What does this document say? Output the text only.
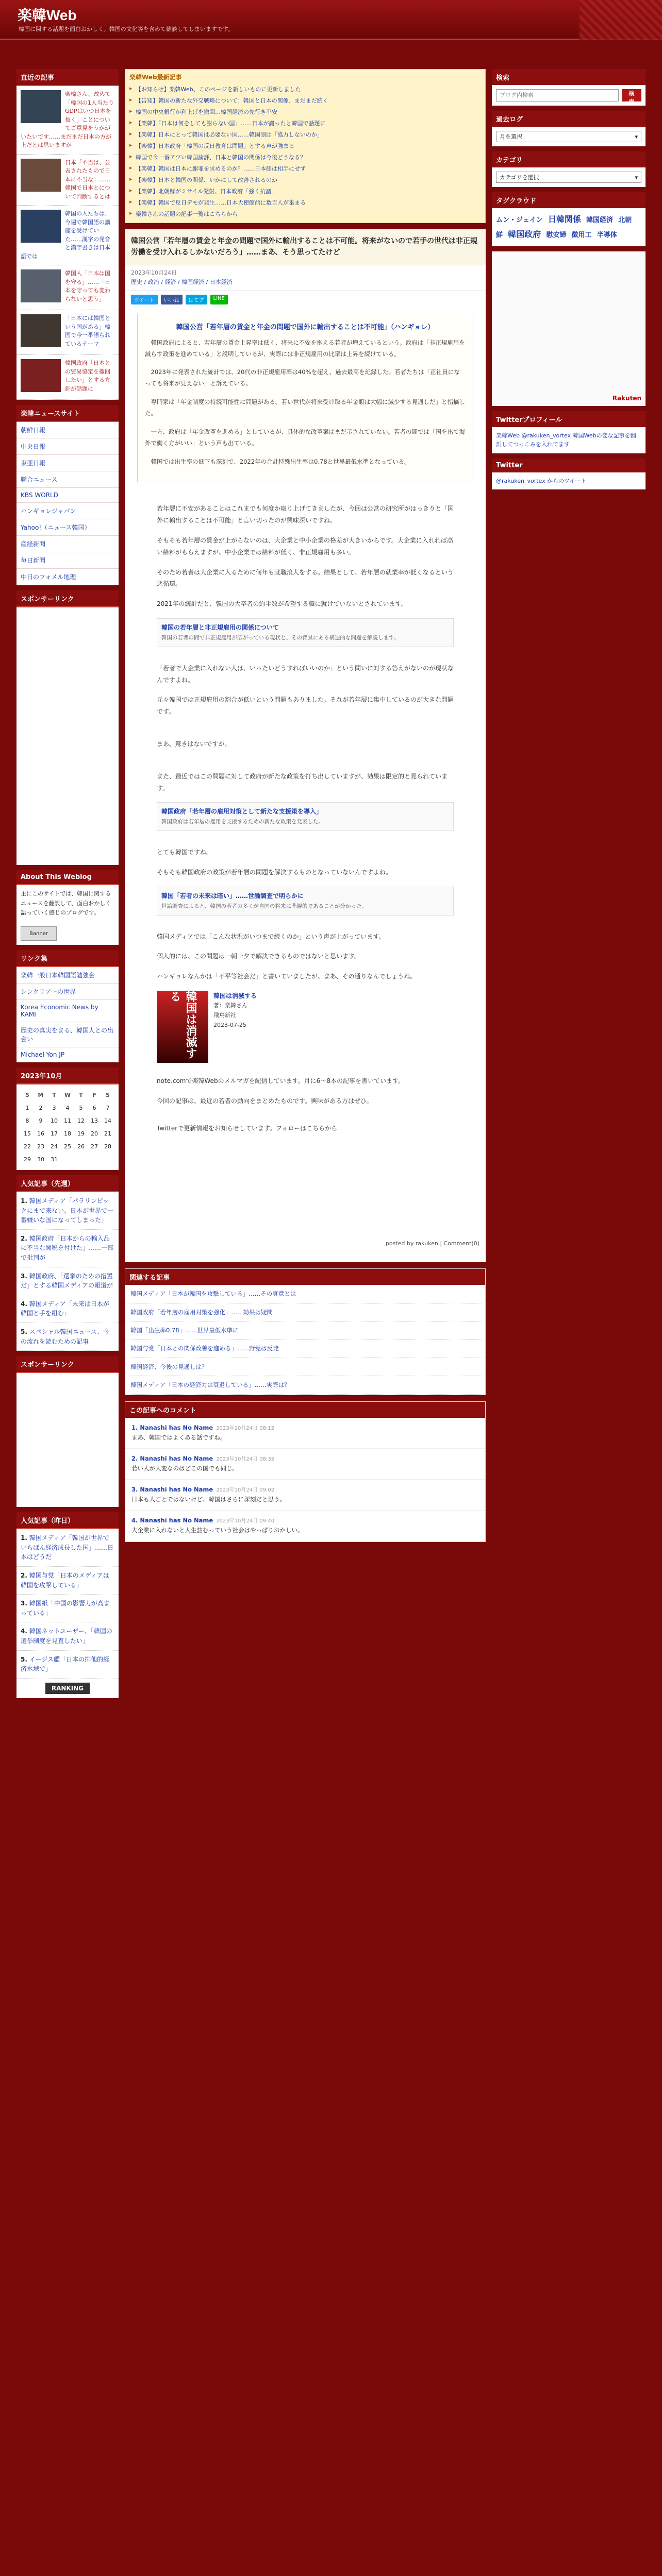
楽韓Web
韓国に関する話題を面白おかしく。韓国の文化等を含めて雑談してしまいますです。
直近の記事

楽韓さん、改めて「韓国の1人当たりGDPはいつ日本を抜く」ことについてご意見をうかがいたいです……まだまだ日本の方が上だとは思いますが

日本「不当は、公表されたもので日本に不当な」……韓国で日本とについて判断するとは

韓国の人たちは、今週で韓国語の講座を受けていた……漢字の発音と漢字書きは日本語では

韓国人「日本は国を守る」……「日本を守っても変わらないと思う」

「日本には韓国という国がある」韓国で今一番語られているテーマ

韓国政府「日本との貿易協定を撤回したい」とする方針が話題に

楽韓ニュースサイト
朝鮮日報
中央日報
東亜日報
聯合ニュース
KBS WORLD
ハンギョレジャパン
Yahoo!（ニュース韓国）
産経新聞
毎日新聞
中日のフォメル地理
スポンサーリンク
About This Weblog

主にこのサイトでは、韓国に関するニュースを翻訳して、面白おかしく語っていく感じのブログです。

Banner
リンク集
楽韓一般日本韓国語勉強会
シンクリアーの世界
Korea Economic News by KAMI
歴史の真実をまる、韓国人との出会い
Michael Yon JP
2023年10月
S	M	T	W	T	F	S
1	2	3	4	5	6	7
8	9	10	11	12	13	14
15	16	17	18	19	20	21
22	23	24	25	26	27	28
29	30	31				
人気記事（先週）
1. 韓国メディア「パラリンピックにまで来ない。日本が世界で一番嫌いな国になってしまった」
2. 韓国政府「日本からの輸入品に不当な関税を付けた」……一部で批判が
3. 韓国政府、「選挙のための措置だ」とする韓国メディアの報道が
4. 韓国メディア「未来は日本が韓国と手を組む」
5. スペシャル韓国ニュース、今の流れを読むための記事
スポンサーリンク
人気記事（昨日）
1. 韓国メディア「韓国が世界でいちばん経済成長した国」……日本はどうだ
2. 韓国与党「日本のメディアは韓国を攻撃している」
3. 韓国紙「中国の影響力が高まっている」
4. 韓国ネットユーザー、「韓国の選挙制度を見直したい」
5. イージス艦「日本の排他的経済水域で」
RANKING
楽韓Web最新記事
▸ 【お知らせ】楽韓Web、このページを新しいものに更新しました
▸ 【告知】韓国の新たな外交戦略について：韓国と日本の関係、まだまだ続く
▸ 韓国の中央銀行が利上げを撤回…韓国経済の先行き不安
▸ 【楽韓】「日本は何をしても謝らない国」……日本が謝ったと韓国で話題に
▸ 【楽韓】日本にとって韓国は必要ない国……韓国側は「協力しないのか」
▸ 【楽韓】日本政府「韓国の反日教育は問題」とする声が強まる
▸ 韓国で今一番アツい韓国論評、日本と韓国の関係は今後どうなる？
▸ 【楽韓】韓国は日本に謝罪を求めるのか？……日本側は相手にせず
▸ 【楽韓】日本と韓国の関係、いかにして改善されるのか
▸ 【楽韓】北朝鮮がミサイル発射、日本政府「強く抗議」
▸ 【楽韓】韓国で反日デモが発生……日本大使館前に数百人が集まる
▸ 楽韓さんの話題の記事一覧はこちらから
韓国公営「若年層の賃金と年金の問題で国外に輸出することは不可能。将来がないので若手の世代は非正規労働を受け入れるしかないだろう」……まあ、そう思ってたけど
2023年10月24日
歴史 / 政治 / 経済 / 韓国経済 / 日本経済
ツイート	いいね	はてブ	LINE
韓国公営「若年層の賃金と年金の問題で国外に輸出することは不可能」（ハンギョレ）

韓国政府によると、若年層の賃金上昇率は低く、将来に不安を抱える若者が増えているという。政府は「非正規雇用を減らす政策を進めている」と説明しているが、実際には非正規雇用の比率は上昇を続けている。

2023年に発表された統計では、20代の非正規雇用率は40%を超え、過去最高を記録した。若者たちは「正社員になっても将来が見えない」と訴えている。

専門家は「年金制度の持続可能性に問題がある。若い世代が将来受け取る年金額は大幅に減少する見通しだ」と指摘した。

一方、政府は「年金改革を進める」としているが、具体的な改革案はまだ示されていない。若者の間では「国を出て海外で働く方がいい」という声も出ている。

韓国では出生率の低下も深刻で、2022年の合計特殊出生率は0.78と世界最低水準となっている。

若年層に不安があることはこれまでも何度か取り上げてきましたが、今回は公営の研究所がはっきりと「国外に輸出することは不可能」と言い切ったのが興味深いですね。

そもそも若年層の賃金が上がらないのは、大企業と中小企業の格差が大きいからです。大企業に入れれば高い給料がもらえますが、中小企業では給料が低く、非正規雇用も多い。

そのため若者は大企業に入るために何年も就職浪人をする。結果として、若年層の就業率が低くなるという悪循環。

2021年の統計だと、韓国の大卒者の約半数が希望する職に就けていないとされています。

韓国の若年層と非正規雇用の関係について
韓国の若者の間で非正規雇用が広がっている現状と、その背景にある構造的な問題を解説します。

「若者で大企業に入れない人は、いったいどうすればいいのか」という問いに対する答えがないのが現状なんですよね。

元々韓国では正規雇用の割合が低いという問題もありました。それが若年層に集中しているのが大きな問題です。

まあ、驚きはないですが。

また、最近ではこの問題に対して政府が新たな政策を打ち出していますが、効果は限定的と見られています。

韓国政府「若年層の雇用対策として新たな支援策を導入」
韓国政府は若年層の雇用を支援するための新たな政策を発表した。

とても韓国ですね。

そもそも韓国政府の政策が若年層の問題を解決するものとなっていないんですよね。

韓国「若者の未来は暗い」……世論調査で明らかに
世論調査によると、韓国の若者の多くが自国の将来に悲観的であることが分かった。

韓国メディアでは「こんな状況がいつまで続くのか」という声が上がっています。

個人的には、この問題は一朝一夕で解決できるものではないと思います。

ハンギョレなんかは「不平等社会だ」と書いていましたが、まあ、その通りなんでしょうね。

韓国は消滅する	韓国は消滅する
著：楽韓さん
飛鳥新社
2023-07-25

note.comで楽韓Webのメルマガを配信しています。月に6〜8本の記事を書いています。

今回の記事は、最近の若者の動向をまとめたものです。興味がある方はぜひ。

Twitterで更新情報をお知らせしています。フォローはこちらから

posted by rakuken | Comment(0)
関連する記事
韓国メディア「日本が韓国を攻撃している」……その真意とは
韓国政府「若年層の雇用対策を強化」……効果は疑問
韓国「出生率0.78」……世界最低水準に
韓国与党「日本との関係改善を進める」……野党は反発
韓国経済、今後の見通しは？
韓国メディア「日本の経済力は衰退している」……実際は？
この記事へのコメント
1. Nanashi has No Name 2023年10月24日 08:12
まあ、韓国ではよくある話ですね。
2. Nanashi has No Name 2023年10月24日 08:35
若い人が大変なのはどこの国でも同じ。
3. Nanashi has No Name 2023年10月24日 09:02
日本も人ごとではないけど、韓国はさらに深刻だと思う。
4. Nanashi has No Name 2023年10月24日 09:40
大企業に入れないと人生詰むっていう社会はやっぱりおかしい。
検索
ブログ内検索
検索
過去ログ
月を選択	▾
カテゴリ
カテゴリを選択	▾
タグクラウド
ムン・ジェイン 日韓関係 韓国経済 北朝鮮 韓国政府 慰安婦 徴用工 半導体
Rakuten
Twitterプロフィール
楽韓Web @rakuken_vortex 韓国Webの変な記事を翻訳してつっこみを入れてます
Twitter
@rakuken_vortex からのツイート
